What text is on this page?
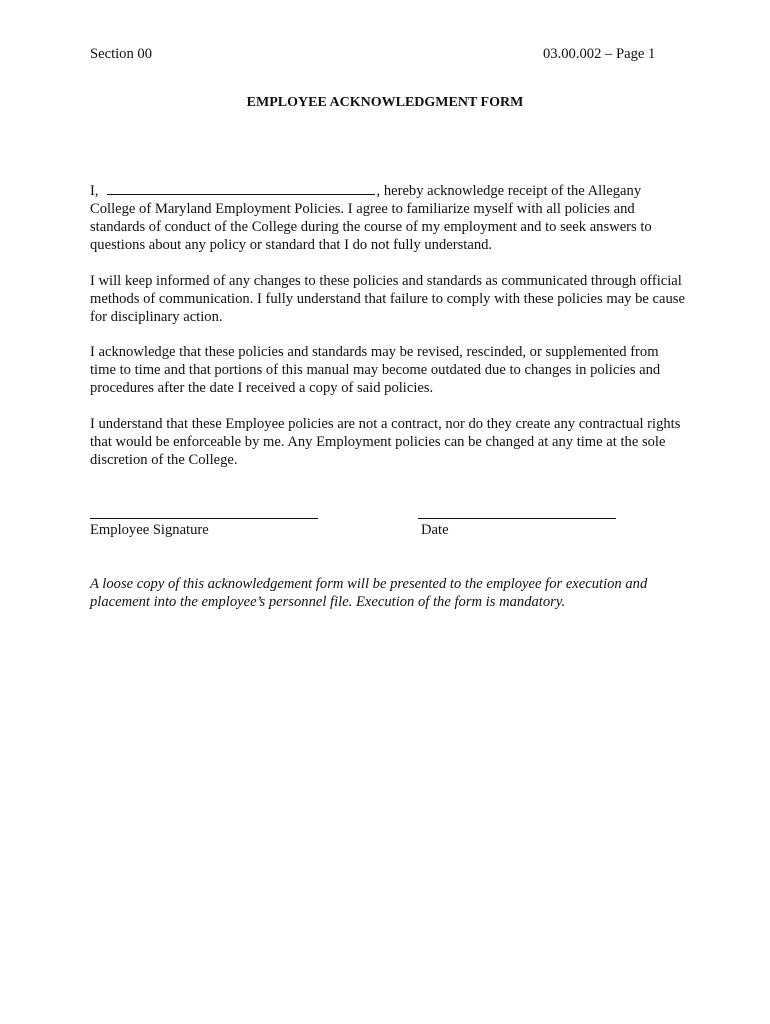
Section 00	03.00.002 – Page 1
EMPLOYEE ACKNOWLEDGMENT FORM

I,	, hereby acknowledge receipt of the Allegany College of Maryland Employment Policies. I agree to familiarize myself with all policies and standards of conduct of the College during the course of my employment and to seek answers to questions about any policy or standard that I do not fully understand.

I will keep informed of any changes to these policies and standards as communicated through official methods of communication. I fully understand that failure to comply with these policies may be cause for disciplinary action.

I acknowledge that these policies and standards may be revised, rescinded, or supplemented from time to time and that portions of this manual may become outdated due to changes in policies and procedures after the date I received a copy of said policies.

I understand that these Employee policies are not a contract, nor do they create any contractual rights that would be enforceable by me. Any Employment policies can be changed at any time at the sole discretion of the College.

Employee Signature	Date

A loose copy of this acknowledgement form will be presented to the employee for execution and placement into the employee’s personnel file. Execution of the form is mandatory.
